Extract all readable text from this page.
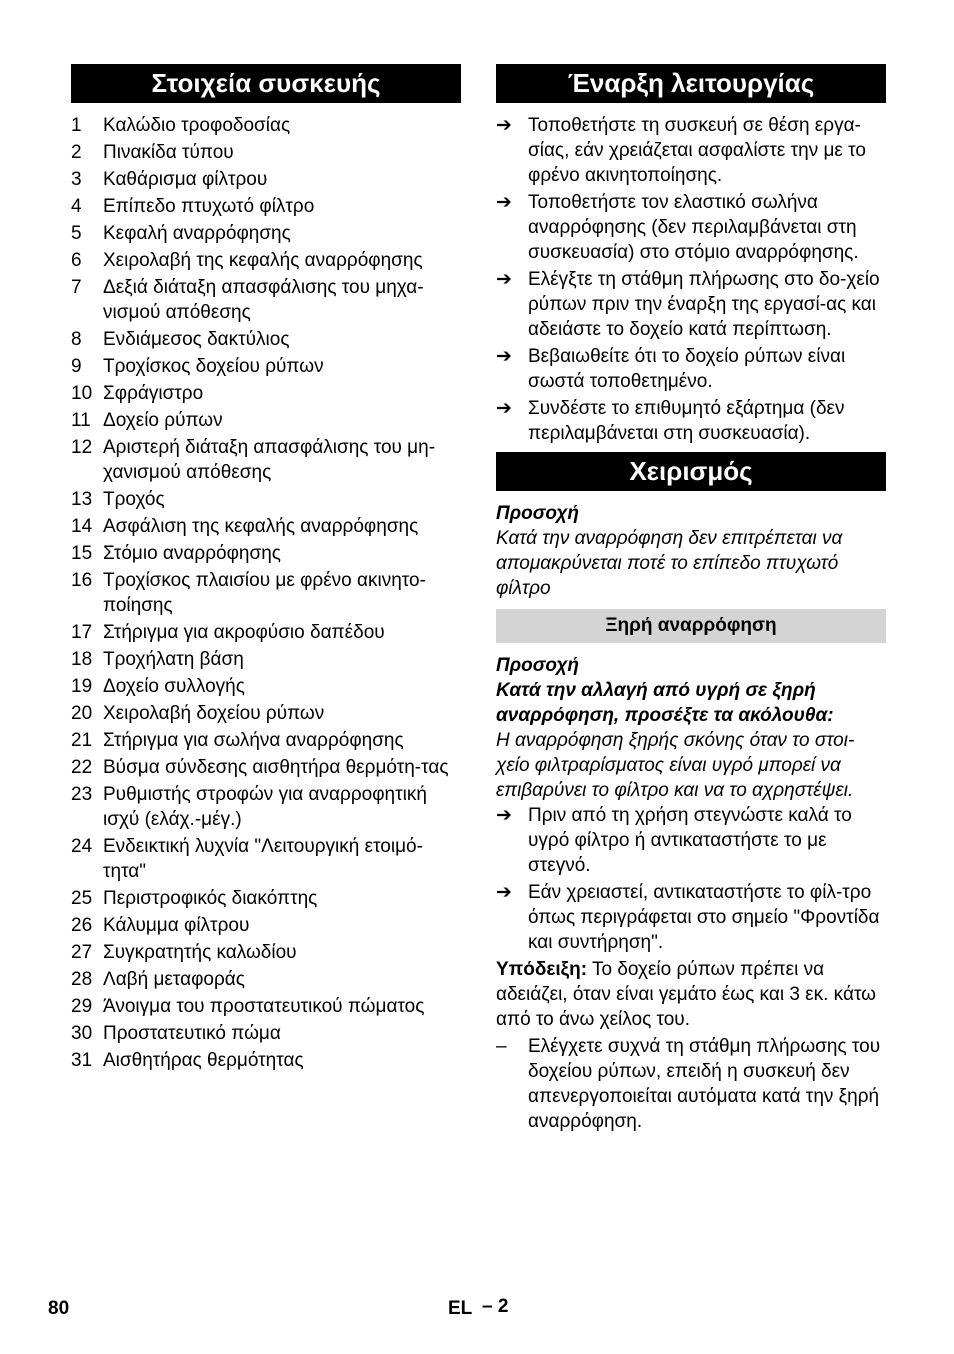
Στοιχεία συσκευής
1	Καλώδιο τροφοδοσίας
2	Πινακίδα τύπου
3	Καθάρισμα φίλτρου
4	Επίπεδο πτυχωτό φίλτρο
5	Κεφαλή αναρρόφησης
6	Χειρολαβή της κεφαλής αναρρόφησης
7	Δεξιά διάταξη απασφάλισης του μηχα-νισμού απόθεσης
8	Ενδιάμεσος δακτύλιος
9	Τροχίσκος δοχείου ρύπων
10 Σφράγιστρο
11 Δοχείο ρύπων
12 Αριστερή διάταξη απασφάλισης του μη-χανισμού απόθεσης
13 Τροχός
14 Ασφάλιση της κεφαλής αναρρόφησης
15 Στόμιο αναρρόφησης
16 Τροχίσκος πλαισίου με φρένο ακινητο-ποίησης
17 Στήριγμα για ακροφύσιο δαπέδου
18 Τροχήλατη βάση
19 Δοχείο συλλογής
20 Χειρολαβή δοχείου ρύπων
21 Στήριγμα για σωλήνα αναρρόφησης
22 Βύσμα σύνδεσης αισθητήρα θερμότη-τας
23 Ρυθμιστής στροφών για αναρροφητική ισχύ (ελάχ.-μέγ.)
24 Ενδεικτική λυχνία "Λειτουργική ετοιμό-τητα"
25 Περιστροφικός διακόπτης
26 Κάλυμμα φίλτρου
27 Συγκρατητής καλωδίου
28 Λαβή μεταφοράς
29 Άνοιγμα του προστατευτικού πώματος
30 Προστατευτικό πώμα
31 Αισθητήρας θερμότητας
Έναρξη λειτουργίας
➔ Τοποθετήστε τη συσκευή σε θέση εργα-σίας, εάν χρειάζεται ασφαλίστε την με το φρένο ακινητοποίησης.
➔ Τοποθετήστε τον ελαστικό σωλήνα αναρρόφησης (δεν περιλαμβάνεται στη συσκευασία) στο στόμιο αναρρόφησης.
➔ Ελέγξτε τη στάθμη πλήρωσης στο δο-χείο ρύπων πριν την έναρξη της εργασί-ας και αδειάστε το δοχείο κατά περίπτωση.
➔ Βεβαιωθείτε ότι το δοχείο ρύπων είναι σωστά τοποθετημένο.
➔ Συνδέστε το επιθυμητό εξάρτημα (δεν περιλαμβάνεται στη συσκευασία).
Χειρισμός

Προσοχή

Κατά την αναρρόφηση δεν επιτρέπεται να απομακρύνεται ποτέ το επίπεδο πτυχωτό φίλτρο

Ξηρή αναρρόφηση

Προσοχή

Κατά την αλλαγή από υγρή σε ξηρή αναρρόφηση, προσέξτε τα ακόλουθα:

Η αναρρόφηση ξηρής σκόνης όταν το στοι-χείο φιλτραρίσματος είναι υγρό μπορεί να επιβαρύνει το φίλτρο και να το αχρηστέψει.

➔ Πριν από τη χρήση στεγνώστε καλά το υγρό φίλτρο ή αντικαταστήστε το με στεγνό.
➔ Εάν χρειαστεί, αντικαταστήστε το φίλ-τρο όπως περιγράφεται στο σημείο "Φροντίδα και συντήρηση".

Υπόδειξη: Το δοχείο ρύπων πρέπει να αδειάζει, όταν είναι γεμάτο έως και 3 εκ. κάτω από το άνω χείλος του.

–	Ελέγχετε συχνά τη στάθμη πλήρωσης του δοχείου ρύπων, επειδή η συσκευή δεν απενεργοποιείται αυτόματα κατά την ξηρή αναρρόφηση.
80	EL – 2
